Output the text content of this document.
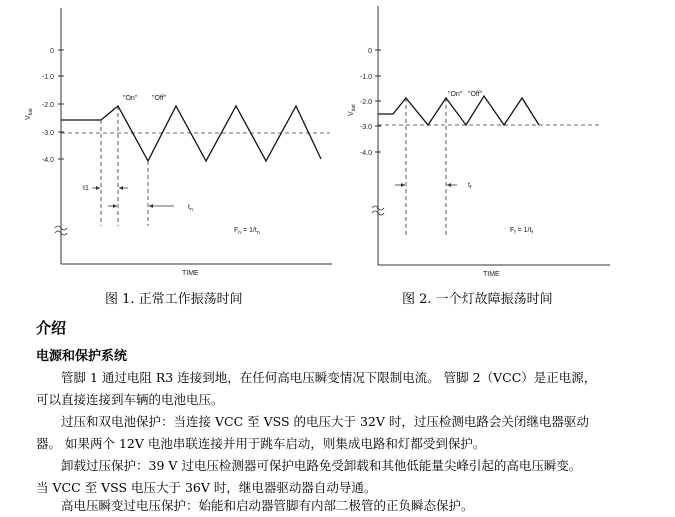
0
-1.0
-2.0
-3.0
-4.0
$V_{bat}$
t1
$t_n$
"On" "Off"
$F_n = 1/t_n$
TIME
图 1. 正常工作振荡时间
0
-1.0
-2.0
-3.0
-4.0
$V_{bat}$
$t_f$
"On" "Off"
$F_f = 1/t_f$
TIME
图 2. 一个灯故障振荡时间
介绍
电源和保护系统
　　管脚 1 通过电阻 R3 连接到地，在任何高电压瞬变情况下限制电流。 管脚 2（VCC）是正电源，
可以直接连接到车辆的电池电压。
　　过压和双电池保护：当连接 VCC 至 VSS 的电压大于 32V 时，过压检测电路会关闭继电器驱动
器。 如果两个 12V 电池串联连接并用于跳车启动，则集成电路和灯都受到保护。
　　卸载过压保护：39 V 过电压检测器可保护电路免受卸载和其他低能量尖峰引起的高电压瞬变。
当 VCC 至 VSS 电压大于 36V 时，继电器驱动器自动导通。
　　高电压瞬变过电压保护：始能和启动器管脚有内部二极管的正负瞬态保护。
